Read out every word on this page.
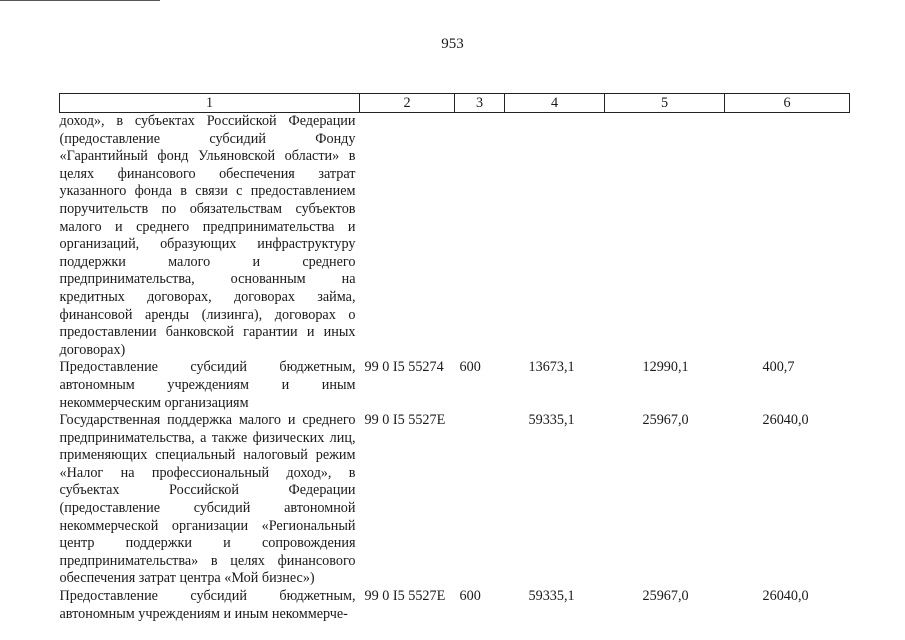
953
1	2	3	4	5	6
доход», в субъектах Российской Федерации (предоставление субсидий Фонду «Гарантийный фонд Ульяновской области» в целях финансового обеспечения затрат указанного фонда в связи с предоставлением поручительств по обязательствам субъектов малого и среднего предпринимательства и организаций, образующих инфраструктуру поддержки малого и среднего предпринимательства, основанным на кредитных договорах, договорах займа, финансовой аренды (лизинга), договорах о предоставлении банковской гарантии и иных договорах)					
Предоставление субсидий бюджетным, автономным учреждениям и иным некоммерческим организациям	99 0 I5 55274	600	13673,1	12990,1	400,7
Государственная поддержка малого и среднего предпринимательства, а также физических лиц, применяющих специальный налоговый режим «Налог на профессиональный доход», в субъектах Российской Федерации (предоставление субсидий автономной некоммерческой организации «Региональный центр поддержки и сопровождения предпринимательства» в целях финансового обеспечения затрат центра «Мой бизнес»)	99 0 I5 5527Е		59335,1	25967,0	26040,0
Предоставление субсидий бюджетным, автономным учреждениям и иным некоммерче-	99 0 I5 5527Е	600	59335,1	25967,0	26040,0
